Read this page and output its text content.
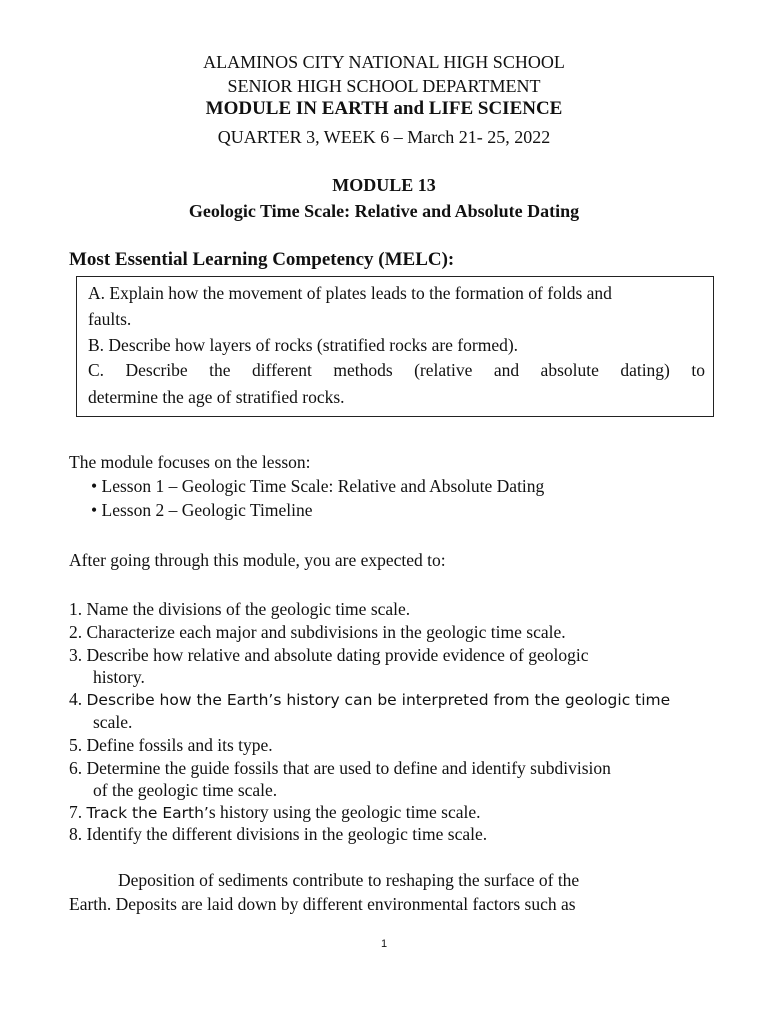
ALAMINOS CITY NATIONAL HIGH SCHOOL
SENIOR HIGH SCHOOL DEPARTMENT
MODULE IN EARTH and LIFE SCIENCE
QUARTER 3, WEEK 6 – March 21- 25, 2022
MODULE 13
Geologic Time Scale: Relative and Absolute Dating
Most Essential Learning Competency (MELC):
A. Explain how the movement of plates leads to the formation of folds and
faults.
B. Describe how layers of rocks (stratified rocks are formed).
C. Describe the different methods (relative and absolute dating) to
determine the age of stratified rocks.
The module focuses on the lesson:
• Lesson 1 – Geologic Time Scale: Relative and Absolute Dating
• Lesson 2 – Geologic Timeline
After going through this module, you are expected to:
1. Name the divisions of the geologic time scale.
2. Characterize each major and subdivisions in the geologic time scale.
3. Describe how relative and absolute dating provide evidence of geologic
history.
4. Describe how the Earth’s history can be interpreted from the geologic time
scale.
5. Define fossils and its type.
6. Determine the guide fossils that are used to define and identify subdivision
of the geologic time scale.
7. Track the Earth’s history using the geologic time scale.
8. Identify the different divisions in the geologic time scale.
Deposition of sediments contribute to reshaping the surface of the
Earth. Deposits are laid down by different environmental factors such as
1
